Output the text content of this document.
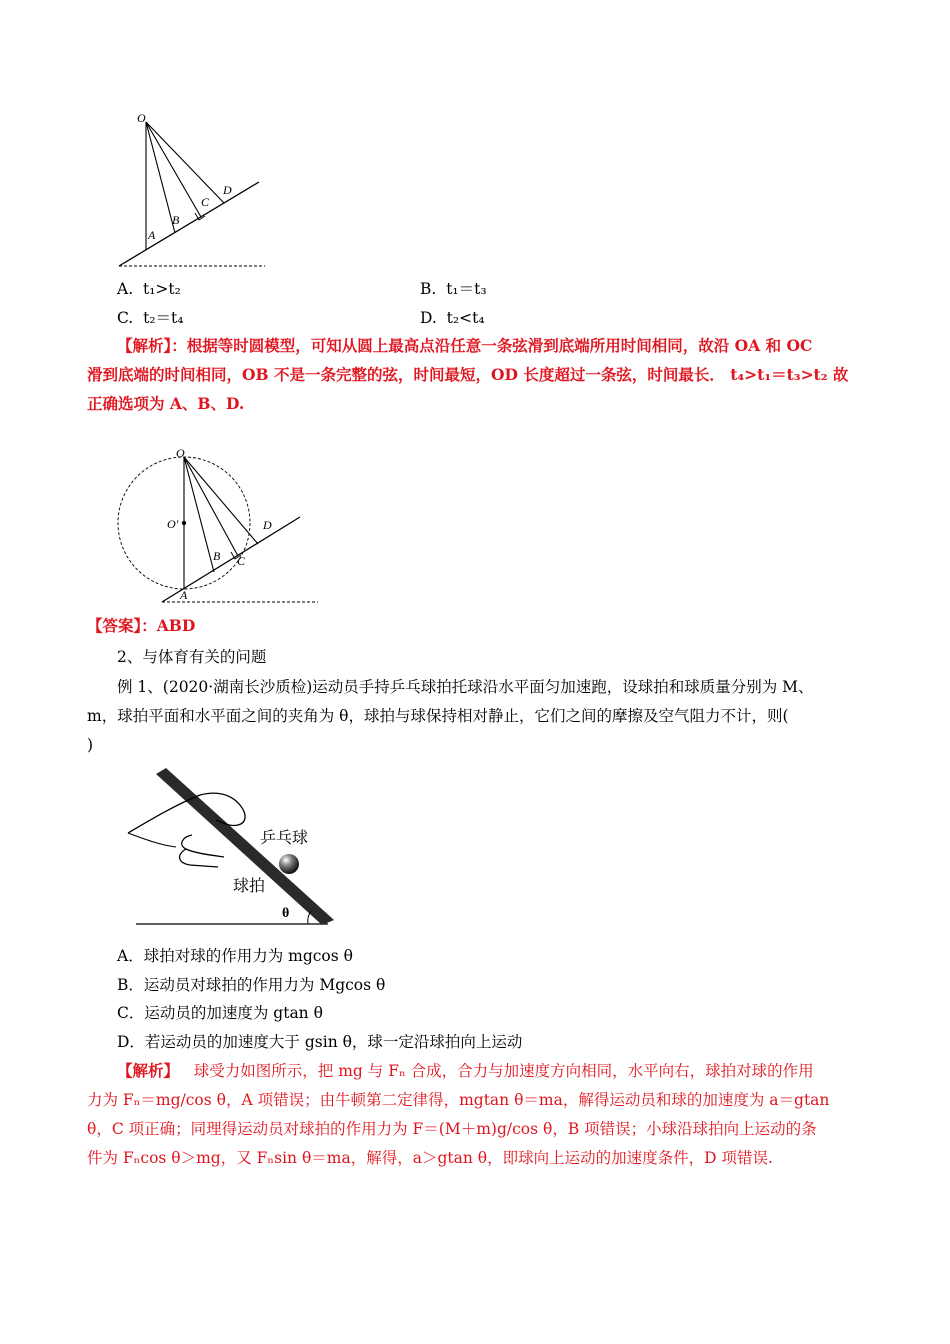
O
A
B
C
D
A. t₁>t₂	B. t₁＝t₃
C. t₂＝t₄	D. t₂<t₄
【解析】：根据等时圆模型，可知从圆上最高点沿任意一条弦滑到底端所用时间相同，故沿 OA 和 OC
滑到底端的时间相同，OB 不是一条完整的弦，时间最短，OD 长度超过一条弦，时间最长． t₄>t₁＝t₃>t₂ 故
正确选项为 A、B、D.
O
O′
A
B C
D
【答案】：ABD
2、与体育有关的问题
例 1、(2020·湖南长沙质检)运动员手持乒乓球拍托球沿水平面匀加速跑，设球拍和球质量分别为 M、
m，球拍平面和水平面之间的夹角为 θ，球拍与球保持相对静止，它们之间的摩擦及空气阻力不计，则(
)
乒乓球
球拍
θ
A．球拍对球的作用力为 mgcos θ
B．运动员对球拍的作用力为 Mgcos θ
C．运动员的加速度为 gtan θ
D．若运动员的加速度大于 gsin θ，球一定沿球拍向上运动
【解析】 球受力如图所示，把 mg 与 Fₙ 合成，合力与加速度方向相同，水平向右，球拍对球的作用
力为 Fₙ＝mg/cos θ，A 项错误；由牛顿第二定律得，mgtan θ＝ma，解得运动员和球的加速度为 a＝gtan
θ，C 项正确；同理得运动员对球拍的作用力为 F＝(M＋m)g/cos θ，B 项错误；小球沿球拍向上运动的条
件为 Fₙcos θ＞mg，又 Fₙsin θ＝ma，解得，a＞gtan θ，即球向上运动的加速度条件，D 项错误.
